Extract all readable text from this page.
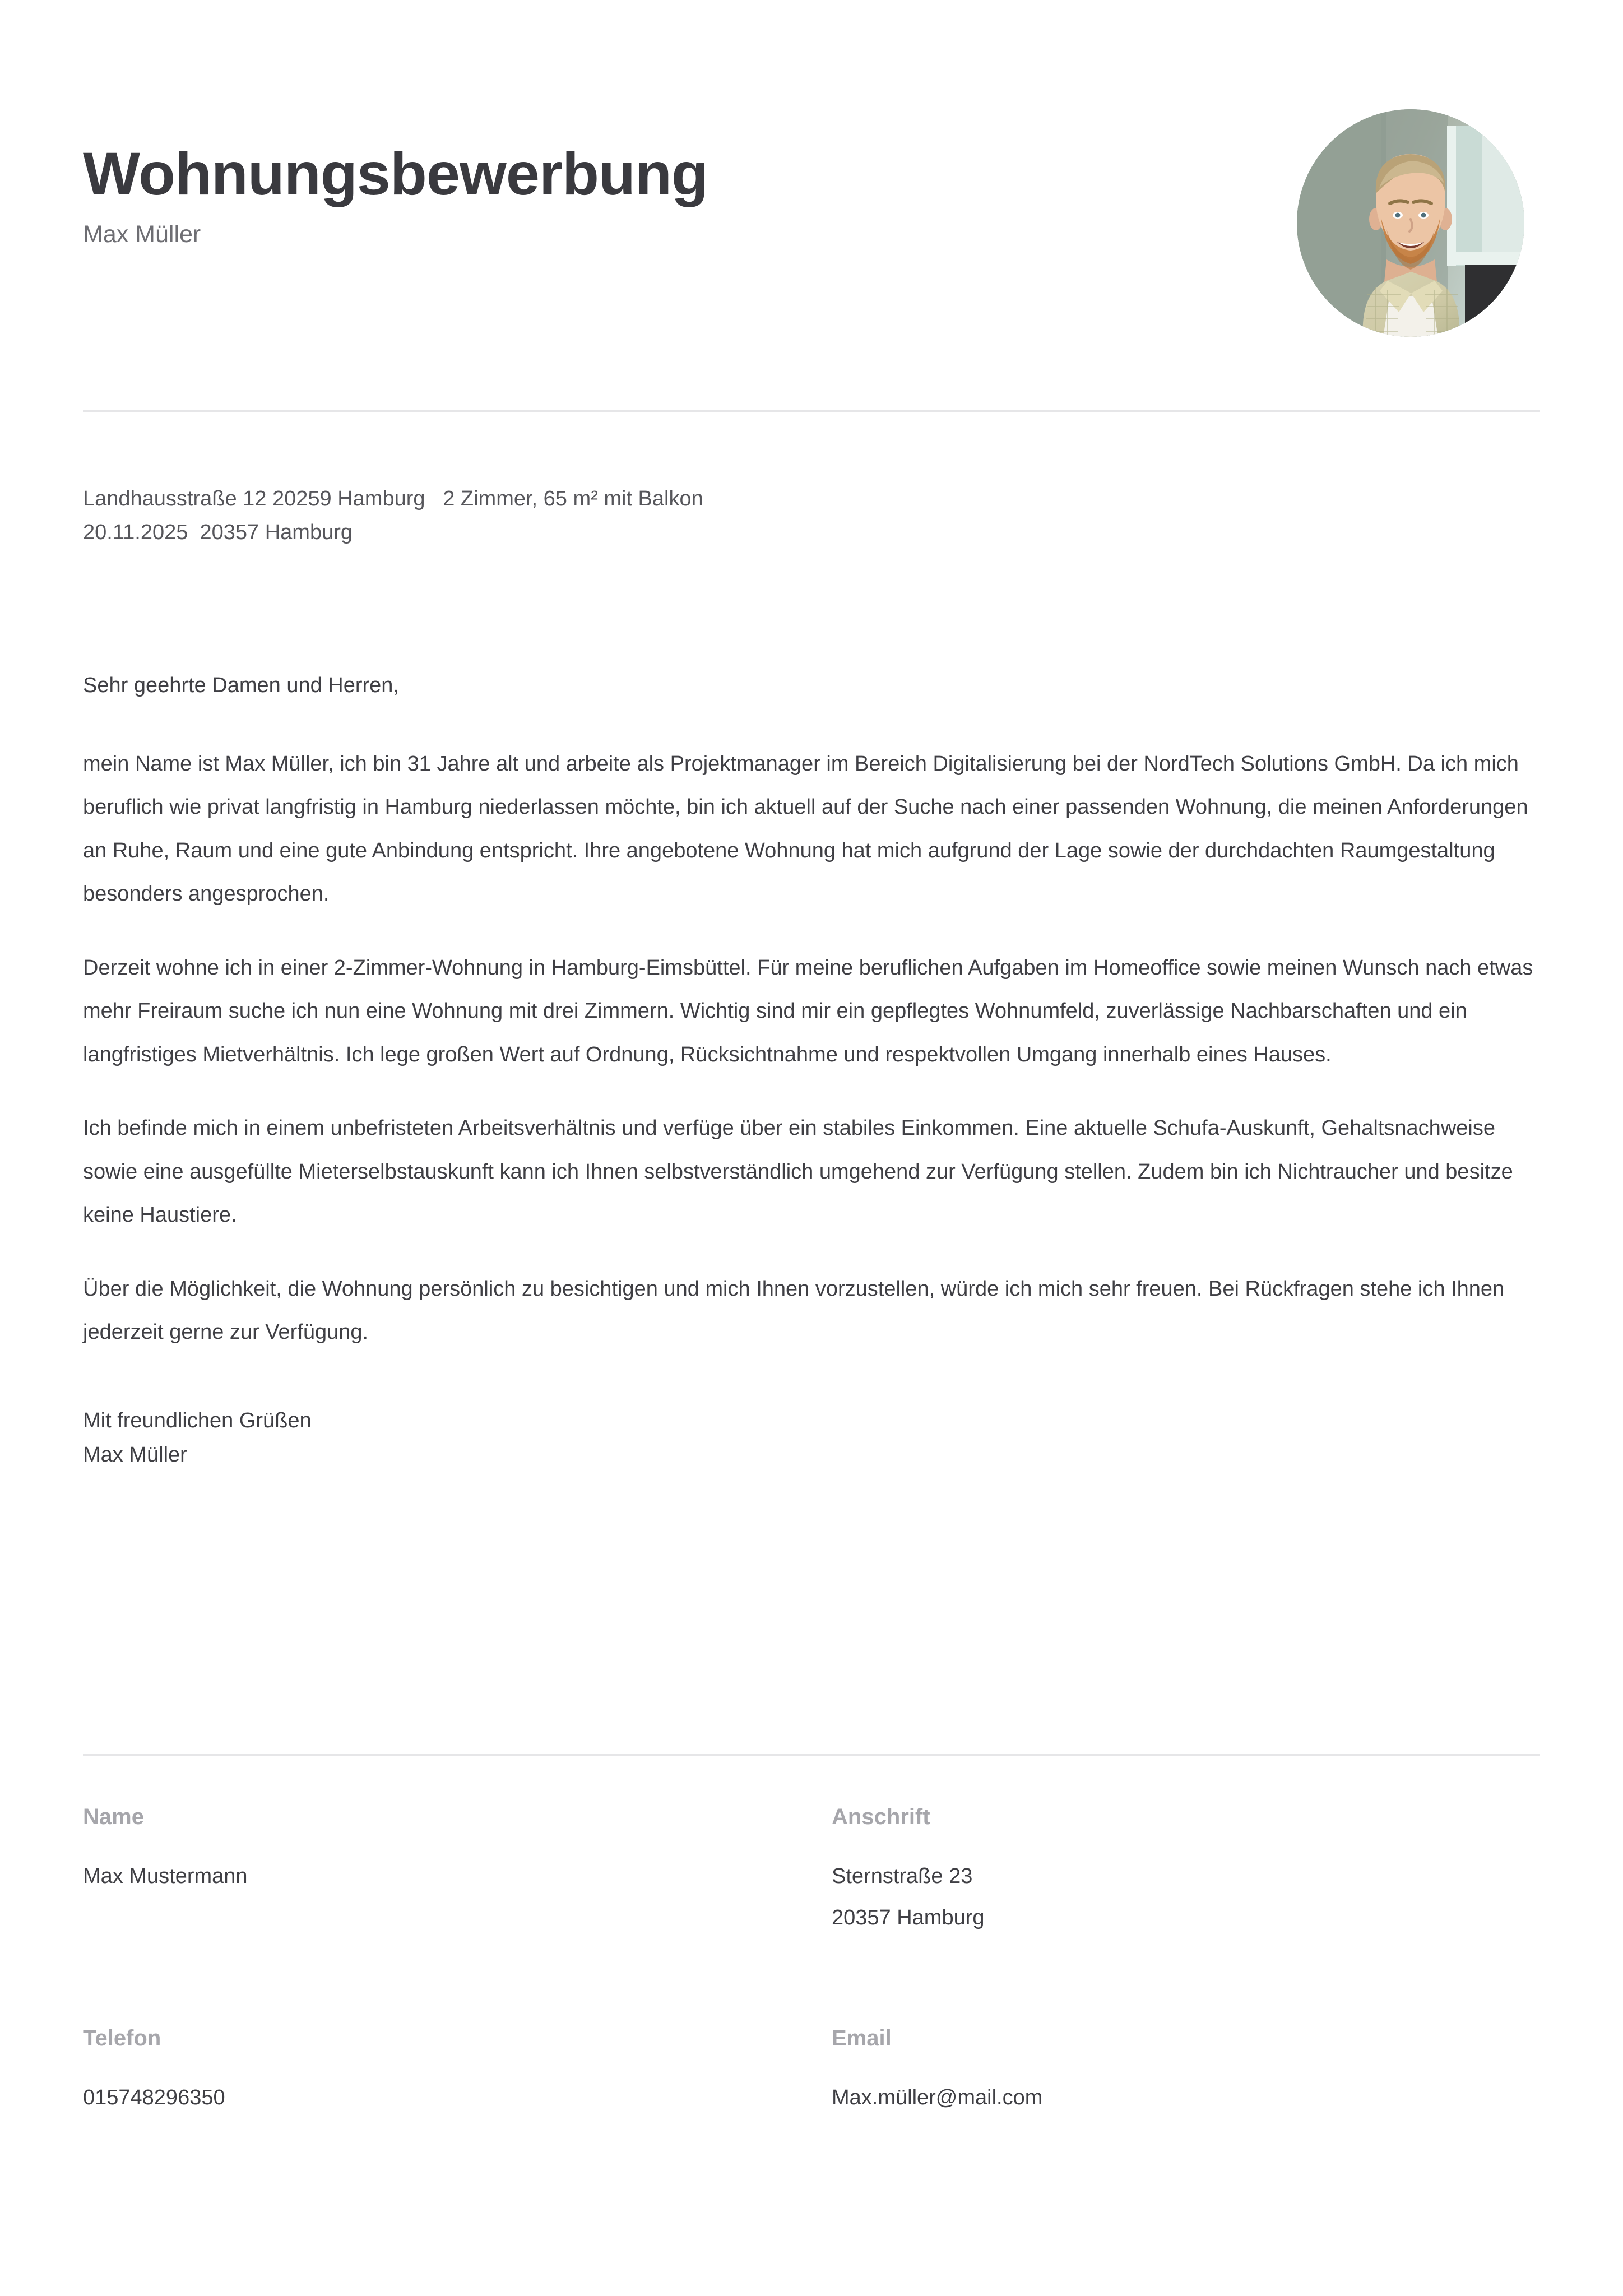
Wohnungsbewerbung

Max Müller

Landhausstraße 12 20259 Hamburg   2 Zimmer, 65 m² mit Balkon
20.11.2025  20357 Hamburg

Sehr geehrte Damen und Herren,

mein Name ist Max Müller, ich bin 31 Jahre alt und arbeite als Projektmanager im Bereich Digitalisierung bei der NordTech Solutions GmbH. Da ich mich beruflich wie privat langfristig in Hamburg niederlassen möchte, bin ich aktuell auf der Suche nach einer passenden Wohnung, die meinen Anforderungen an Ruhe, Raum und eine gute Anbindung entspricht. Ihre angebotene Wohnung hat mich aufgrund der Lage sowie der durchdachten Raumgestaltung besonders angesprochen.

Derzeit wohne ich in einer 2-Zimmer-Wohnung in Hamburg-Eimsbüttel. Für meine beruflichen Aufgaben im Homeoffice sowie meinen Wunsch nach etwas mehr Freiraum suche ich nun eine Wohnung mit drei Zimmern. Wichtig sind mir ein gepflegtes Wohnumfeld, zuverlässige Nachbarschaften und ein langfristiges Mietverhältnis. Ich lege großen Wert auf Ordnung, Rücksichtnahme und respektvollen Umgang innerhalb eines Hauses.

Ich befinde mich in einem unbefristeten Arbeitsverhältnis und verfüge über ein stabiles Einkommen. Eine aktuelle Schufa-Auskunft, Gehaltsnachweise sowie eine ausgefüllte Mieterselbstauskunft kann ich Ihnen selbstverständlich umgehend zur Verfügung stellen. Zudem bin ich Nichtraucher und besitze keine Haustiere.

Über die Möglichkeit, die Wohnung persönlich zu besichtigen und mich Ihnen vorzustellen, würde ich mich sehr freuen. Bei Rückfragen stehe ich Ihnen jederzeit gerne zur Verfügung.

Mit freundlichen Grüßen
Max Müller

Name

Max Mustermann

Anschrift

Sternstraße 23

20357 Hamburg

Telefon

015748296350

Email

Max.müller@mail.com
